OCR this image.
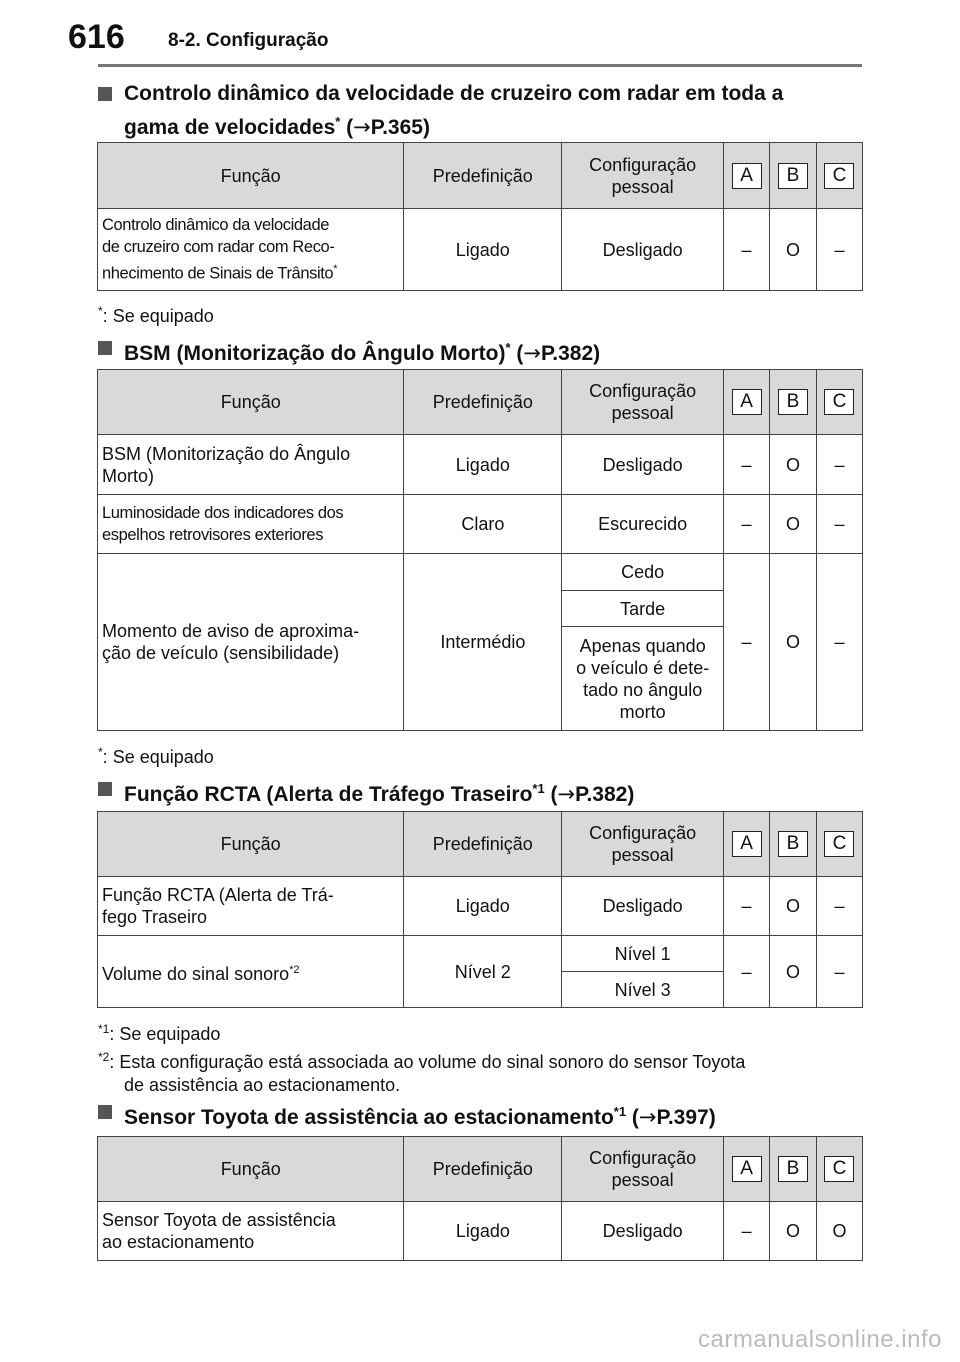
616 8-2. Configuração
Controlo dinâmico da velocidade de cruzeiro com radar em toda a
gama de velocidades* (→P.365)
Função	Predefinição	Configuração
pessoal	A	B	C
Controlo dinâmico da velocidade
de cruzeiro com radar com Reco-
nhecimento de Sinais de Trânsito*	Ligado	Desligado	–	O	–
*: Se equipado
BSM (Monitorização do Ângulo Morto)* (→P.382)
Função	Predefinição	Configuração
pessoal	A	B	C
BSM (Monitorização do Ângulo
Morto)	Ligado	Desligado	–	O	–
Luminosidade dos indicadores dos
espelhos retrovisores exteriores	Claro	Escurecido	–	O	–
Momento de aviso de aproxima-
ção de veículo (sensibilidade)	Intermédio	Cedo	–	O	–
		Tarde			
		Apenas quando
o veículo é dete-
tado no ângulo
morto			
*: Se equipado
Função RCTA (Alerta de Tráfego Traseiro$^{*1}$ (→P.382)
Função	Predefinição	Configuração
pessoal	A	B	C
Função RCTA (Alerta de Trá-
fego Traseiro	Ligado	Desligado	–	O	–
Volume do sinal sonoro$^{*2}$	Nível 2	Nível 1	–	O	–
		Nível 3			
$^{*1}$: Se equipado
$^{*2}$: Esta configuração está associada ao volume do sinal sonoro do sensor Toyota
de assistência ao estacionamento.
Sensor Toyota de assistência ao estacionamento$^{*1}$ (→P.397)
Função	Predefinição	Configuração
pessoal	A	B	C
Sensor Toyota de assistência
ao estacionamento	Ligado	Desligado	–	O	O
carmanualsonline.info
